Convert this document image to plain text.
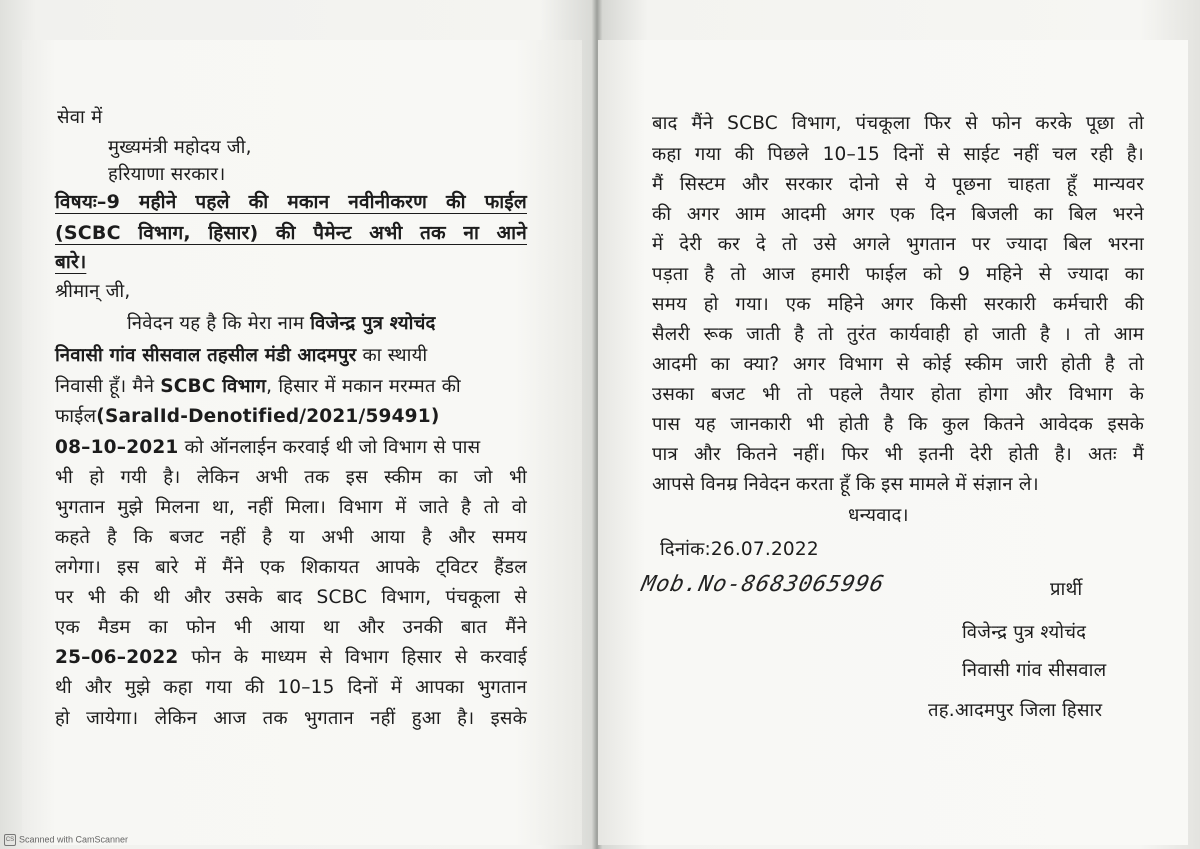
सेवा में
मुख्यमंत्री महोदय जी,
हरियाणा सरकार।
विषयः–9 महीने पहले की मकान नवीनीकरण की फाईल
(SCBC विभाग, हिसार) की पैमेन्ट अभी तक ना आने
बारे।
श्रीमान् जी,
निवेदन यह है कि मेरा नाम विजेन्द्र पुत्र श्योचंद
निवासी गांव सीसवाल तहसील मंडी आदमपुर का स्थायी
निवासी हूँ। मैने SCBC विभाग, हिसार में मकान मरम्मत की
फाईल(SaralId-Denotified/2021/59491)
08–10–2021 को ऑनलाईन करवाई थी जो विभाग से पास
भी हो गयी है। लेकिन अभी तक इस स्कीम का जो भी
भुगतान मुझे मिलना था, नहीं मिला। विभाग में जाते है तो वो
कहते है कि बजट नहीं है या अभी आया है और समय
लगेगा। इस बारे में मैंने एक शिकायत आपके ट्विटर हैंडल
पर भी की थी और उसके बाद SCBC विभाग, पंचकूला से
एक मैडम का फोन भी आया था और उनकी बात मैंने
25–06–2022 फोन के माध्यम से विभाग हिसार से करवाई
थी और मुझे कहा गया की 10–15 दिनों में आपका भुगतान
हो जायेगा। लेकिन आज तक भुगतान नहीं हुआ है। इसके
बाद मैंने SCBC विभाग, पंचकूला फिर से फोन करके पूछा तो
कहा गया की पिछले 10–15 दिनों से साईट नहीं चल रही है।
मैं सिस्टम और सरकार दोनो से ये पूछना चाहता हूँ मान्यवर
की अगर आम आदमी अगर एक दिन बिजली का बिल भरने
में देरी कर दे तो उसे अगले भुगतान पर ज्यादा बिल भरना
पड़ता है तो आज हमारी फाईल को 9 महिने से ज्यादा का
समय हो गया। एक महिने अगर किसी सरकारी कर्मचारी की
सैलरी रूक जाती है तो तुरंत कार्यवाही हो जाती है । तो आम
आदमी का क्या? अगर विभाग से कोई स्कीम जारी होती है तो
उसका बजट भी तो पहले तैयार होता होगा और विभाग के
पास यह जानकारी भी होती है कि कुल कितने आवेदक इसके
पात्र और कितने नहीं। फिर भी इतनी देरी होती है। अतः मैं
आपसे विनम्र निवेदन करता हूँ कि इस मामले में संज्ञान ले।
धन्यवाद।
दिनांक:26.07.2022
Mob.No-8683065996	प्रार्थी
विजेन्द्र पुत्र श्योचंद
निवासी गांव सीसवाल
तह.आदमपुर जिला हिसार
CS Scanned with CamScanner
